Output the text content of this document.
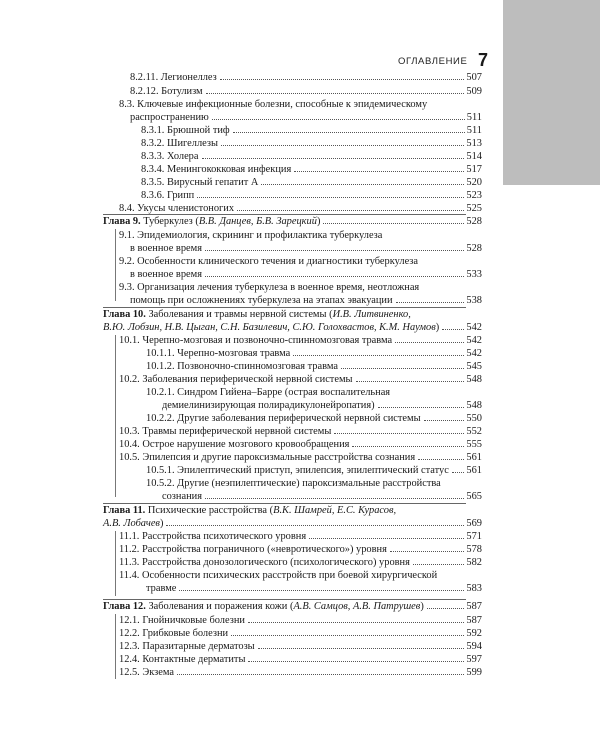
ОГЛАВЛЕНИЕ 7
8.2.11. Легионеллез	507
8.2.12. Ботулизм	509
8.3. Ключевые инфекционные болезни, способные к эпидемическому
распространению	511
8.3.1. Брюшной тиф	511
8.3.2. Шигеллезы	513
8.3.3. Холера	514
8.3.4. Менингококковая инфекция	517
8.3.5. Вирусный гепатит А	520
8.3.6. Грипп	523
8.4. Укусы членистоногих	525
Глава 9. Туберкулез (В.В. Данцев, Б.В. Зарецкий)	528
9.1. Эпидемиология, скрининг и профилактика туберкулеза
в военное время	528
9.2. Особенности клинического течения и диагностики туберкулеза
в военное время	533
9.3. Организация лечения туберкулеза в военное время, неотложная
помощь при осложнениях туберкулеза на этапах эвакуации	538
Глава 10. Заболевания и травмы нервной системы (И.В. Литвиненко,
В.Ю. Лобзин, Н.В. Цыган, С.Н. Базилевич, С.Ю. Голохвастов, К.М. Наумов)	542
10.1. Черепно-мозговая и позвоночно-спинномозговая травма	542
10.1.1. Черепно-мозговая травма	542
10.1.2. Позвоночно-спинномозговая травма	545
10.2. Заболевания периферической нервной системы	548
10.2.1. Синдром Гийена–Барре (острая воспалительная
демиелинизирующая полирадикулонейропатия)	548
10.2.2. Другие заболевания периферической нервной системы	550
10.3. Травмы периферической нервной системы	552
10.4. Острое нарушение мозгового кровообращения	555
10.5. Эпилепсия и другие пароксизмальные расстройства сознания	561
10.5.1. Эпилептический приступ, эпилепсия, эпилептический статус 561
10.5.2. Другие (неэпилептические) пароксизмальные расстройства
сознания	565
Глава 11. Психические расстройства (В.К. Шамрей, Е.С. Курасов,
А.В. Лобачев)	569
11.1. Расстройства психотического уровня	571
11.2. Расстройства пограничного («невротического») уровня	578
11.3. Расстройства донозологического (психологического) уровня	582
11.4. Особенности психических расстройств при боевой хирургической
травме	583
Глава 12. Заболевания и поражения кожи (А.В. Самцов, А.В. Патрушев)	587
12.1. Гнойничковые болезни	587
12.2. Грибковые болезни	592
12.3. Паразитарные дерматозы	594
12.4. Контактные дерматиты	597
12.5. Экзема	599
